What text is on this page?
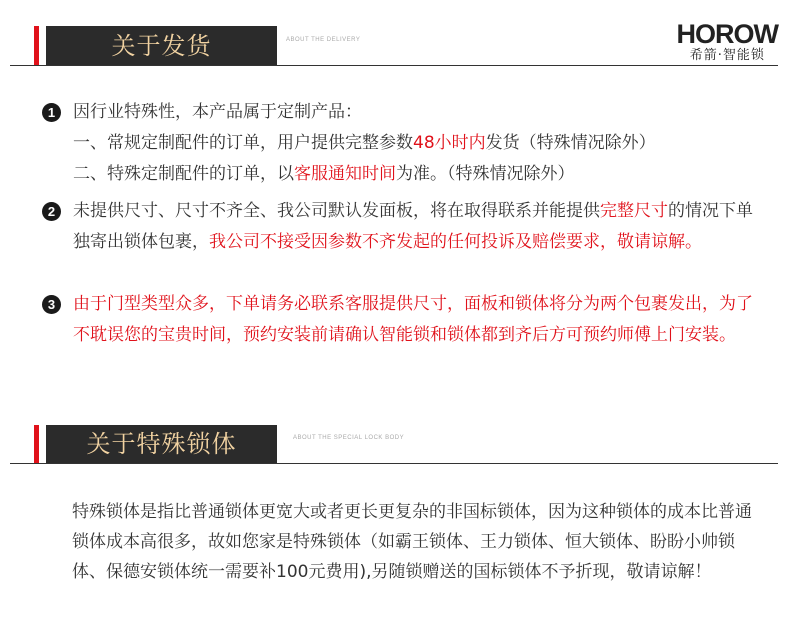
关于发货	ABOUT THE DELIVERY	HOROW
希箭·智能锁
1	因行业特殊性，本产品属于定制产品：
一、常规定制配件的订单，用户提供完整参数48小时内发货（特殊情况除外）
二、特殊定制配件的订单，以客服通知时间为准。（特殊情况除外）
2	未提供尺寸、尺寸不齐全、我公司默认发面板，将在取得联系并能提供完整尺寸的情况下单独寄出锁体包裹，我公司不接受因参数不齐发起的任何投诉及赔偿要求，敬请谅解。
3	由于门型类型众多，下单请务必联系客服提供尺寸，面板和锁体将分为两个包裹发出，为了不耽误您的宝贵时间，预约安装前请确认智能锁和锁体都到齐后方可预约师傅上门安装。
关于特殊锁体	ABOUT THE SPECIAL LOCK BODY
特殊锁体是指比普通锁体更宽大或者更长更复杂的非国标锁体，因为这种锁体的成本比普通锁体成本高很多，故如您家是特殊锁体（如霸王锁体、王力锁体、恒大锁体、盼盼小帅锁体、保德安锁体统一需要补100元费用),另随锁赠送的国标锁体不予折现，敬请谅解！
